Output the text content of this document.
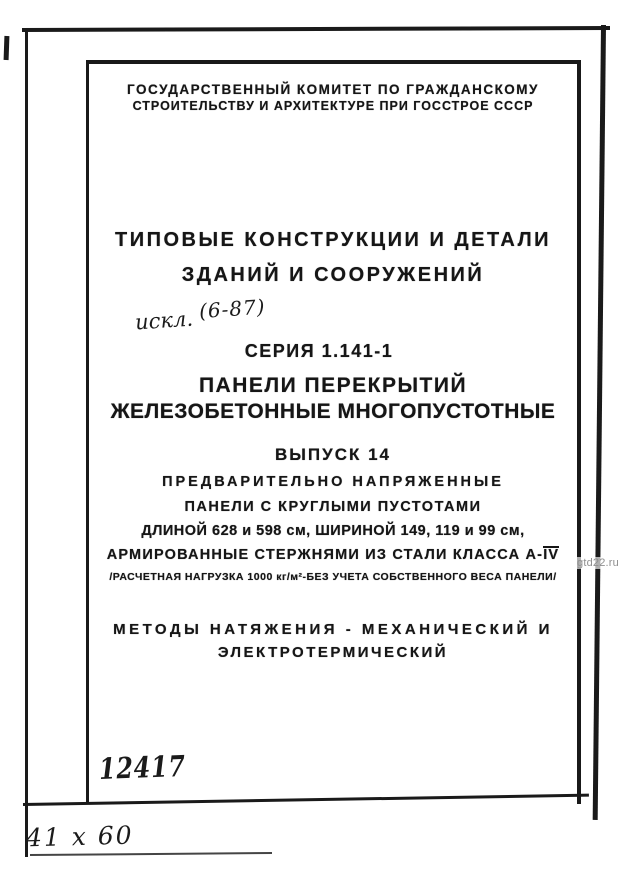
ГОСУДАРСТВЕННЫЙ КОМИТЕТ ПО ГРАЖДАНСКОМУ
СТРОИТЕЛЬСТВУ И АРХИТЕКТУРЕ ПРИ ГОССТРОЕ СССР
ТИПОВЫЕ КОНСТРУКЦИИ И ДЕТАЛИ
ЗДАНИЙ И СООРУЖЕНИЙ
искл. (6-87)
СЕРИЯ 1.141-1
ПАНЕЛИ ПЕРЕКРЫТИЙ
ЖЕЛЕЗОБЕТОННЫЕ МНОГОПУСТОТНЫЕ
ВЫПУСК 14
ПРЕДВАРИТЕЛЬНО НАПРЯЖЕННЫЕ
ПАНЕЛИ С КРУГЛЫМИ ПУСТОТАМИ
ДЛИНОЙ 628 и 598 см, ШИРИНОЙ 149, 119 и 99 см,
АРМИРОВАННЫЕ СТЕРЖНЯМИ ИЗ СТАЛИ КЛАССА А-IV
/РАСЧЕТНАЯ НАГРУЗКА 1000 кг/м²-БЕЗ УЧЕТА СОБСТВЕННОГО ВЕСА ПАНЕЛИ/
МЕТОДЫ НАТЯЖЕНИЯ - МЕХАНИЧЕСКИЙ И
ЭЛЕКТРОТЕРМИЧЕСКИЙ
12417
41 х 60
gtd22.ru
